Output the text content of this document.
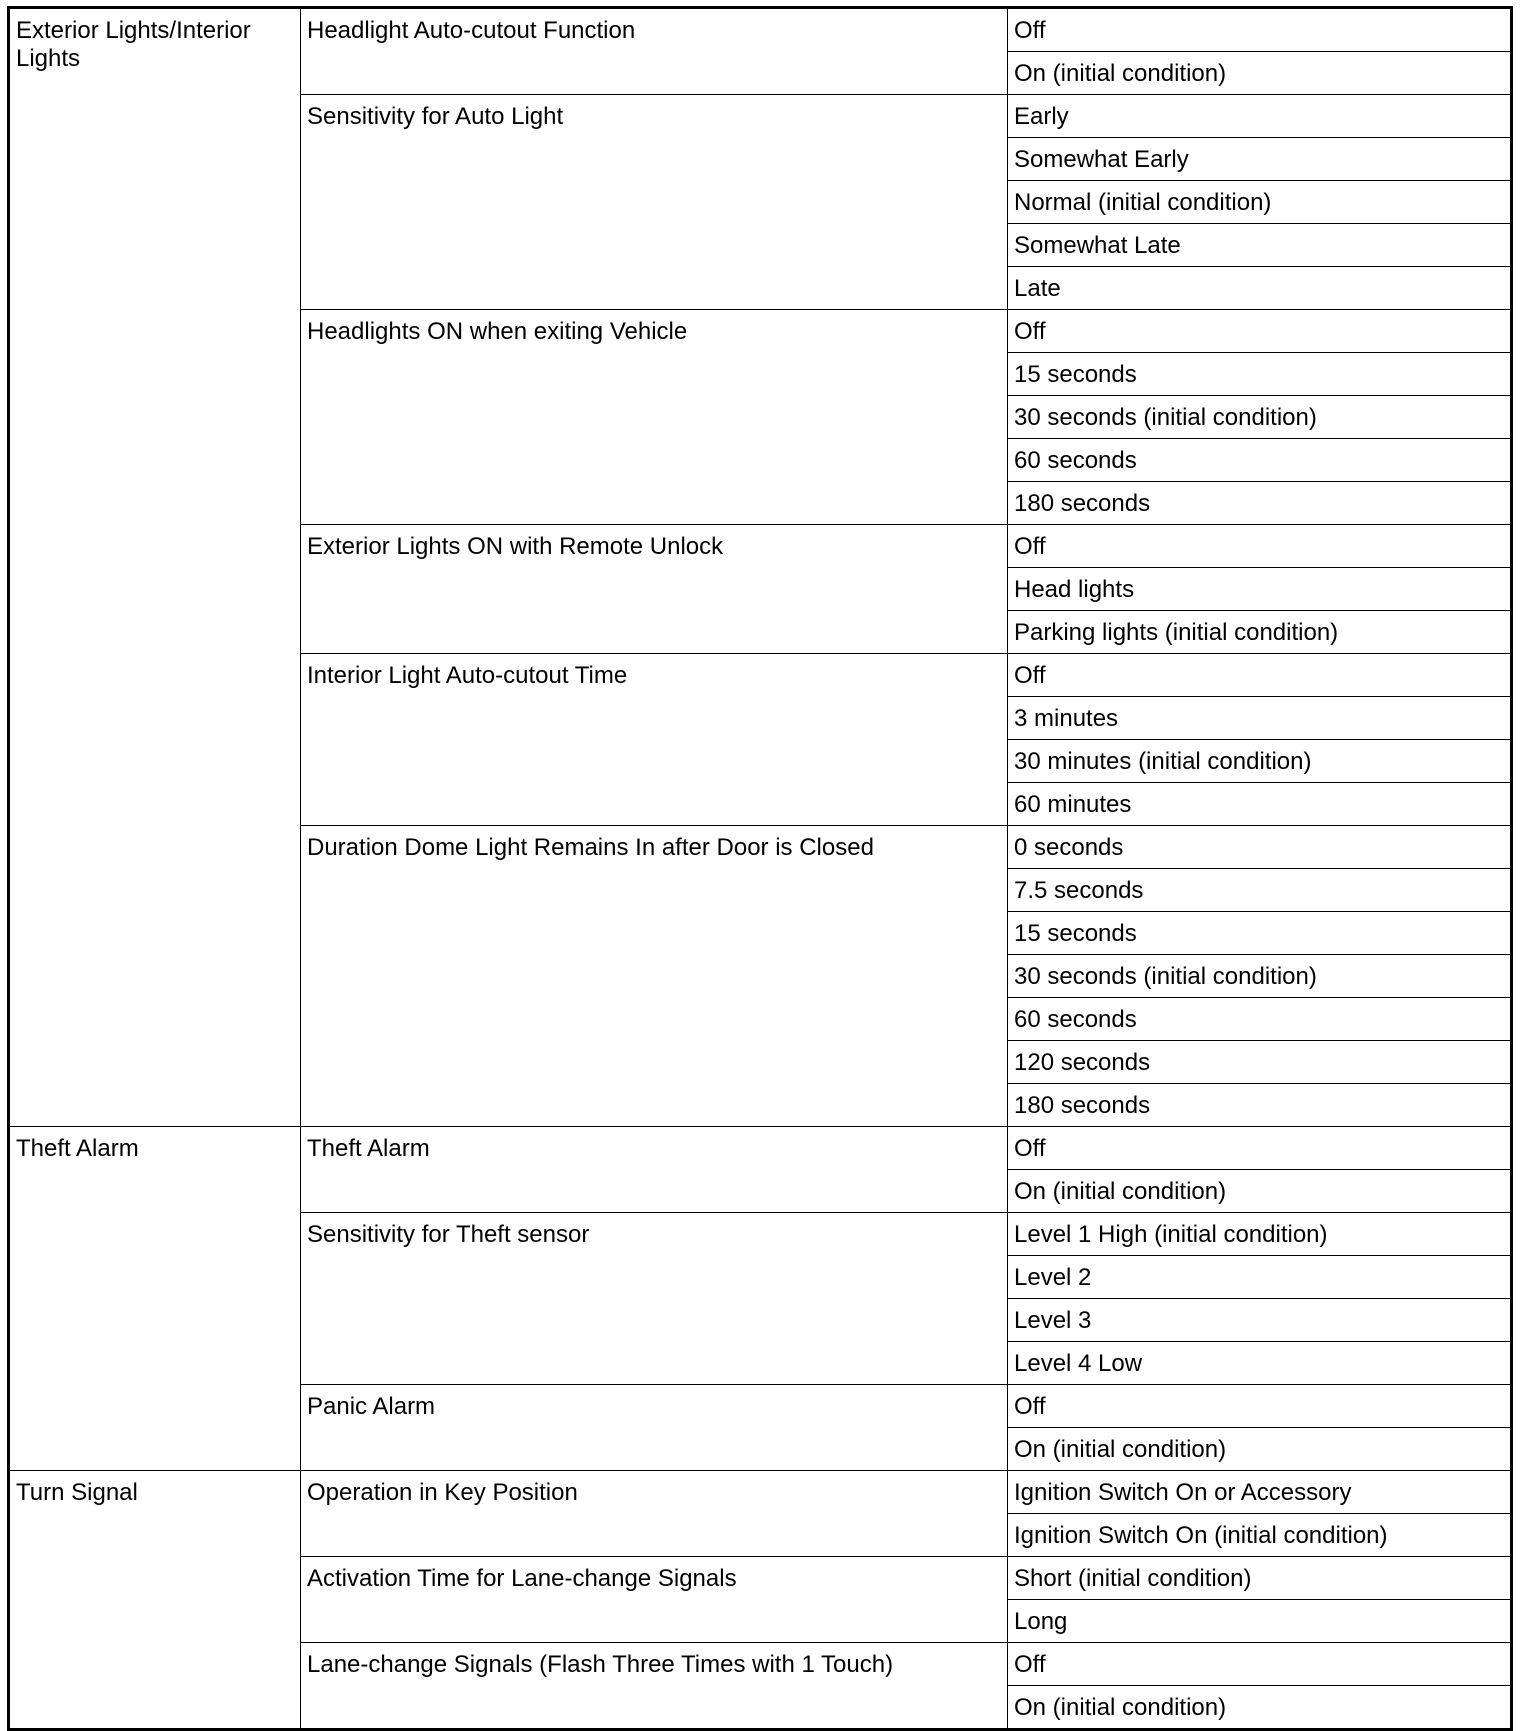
Exterior Lights/Interior Lights	Headlight Auto-cutout Function	Off
		On (initial condition)
	Sensitivity for Auto Light	Early
		Somewhat Early
		Normal (initial condition)
		Somewhat Late
		Late
	Headlights ON when exiting Vehicle	Off
		15 seconds
		30 seconds (initial condition)
		60 seconds
		180 seconds
	Exterior Lights ON with Remote Unlock	Off
		Head lights
		Parking lights (initial condition)
	Interior Light Auto-cutout Time	Off
		3 minutes
		30 minutes (initial condition)
		60 minutes
	Duration Dome Light Remains In after Door is Closed	0 seconds
		7.5 seconds
		15 seconds
		30 seconds (initial condition)
		60 seconds
		120 seconds
		180 seconds
Theft Alarm	Theft Alarm	Off
		On (initial condition)
	Sensitivity for Theft sensor	Level 1 High (initial condition)
		Level 2
		Level 3
		Level 4 Low
	Panic Alarm	Off
		On (initial condition)
Turn Signal	Operation in Key Position	Ignition Switch On or Accessory
		Ignition Switch On (initial condition)
	Activation Time for Lane-change Signals	Short (initial condition)
		Long
	Lane-change Signals (Flash Three Times with 1 Touch)	Off
		On (initial condition)
